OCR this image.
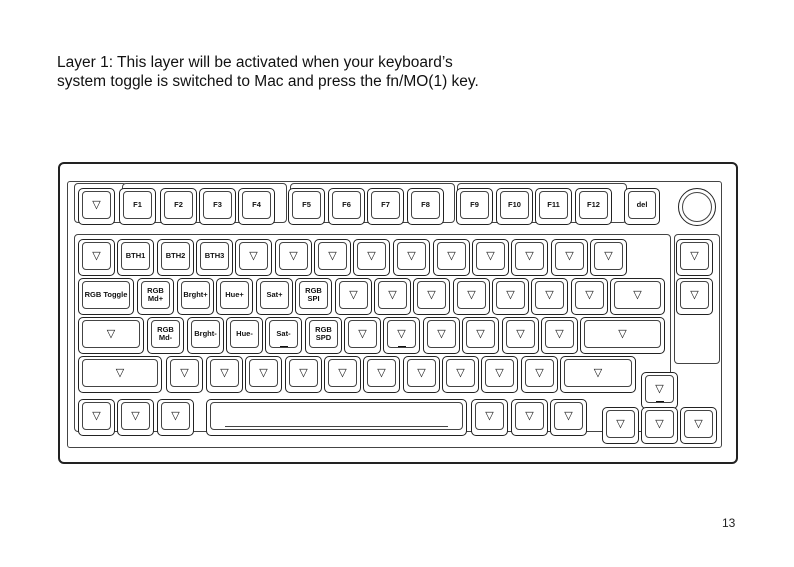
Layer 1: This layer will be activated when your keyboard’s
system toggle is switched to Mac and press the fn/MO(1) key.
▽	F1	F2	F3	F4	F5	F6	F7	F8	F9	F10	F11	F12	del
▽	BTH1	BTH2	BTH3 ▽	▽	▽	▽	▽	▽	▽	▽	▽	▽	▽
RGB Toggle	RGB Md+	Brght+ Hue+	Sat+	RGB SPI	▽	▽	▽	▽	▽	▽	▽	▽	▽
▽	RGB Md-	Brght-	Hue-	Sat-	RGB SPD	▽	▽	▽	▽	▽	▽	▽
▽	▽	▽	▽	▽	▽	▽	▽	▽	▽	▽	▽
▽
▽	▽	▽	▽	▽	▽
▽	▽	▽
13
